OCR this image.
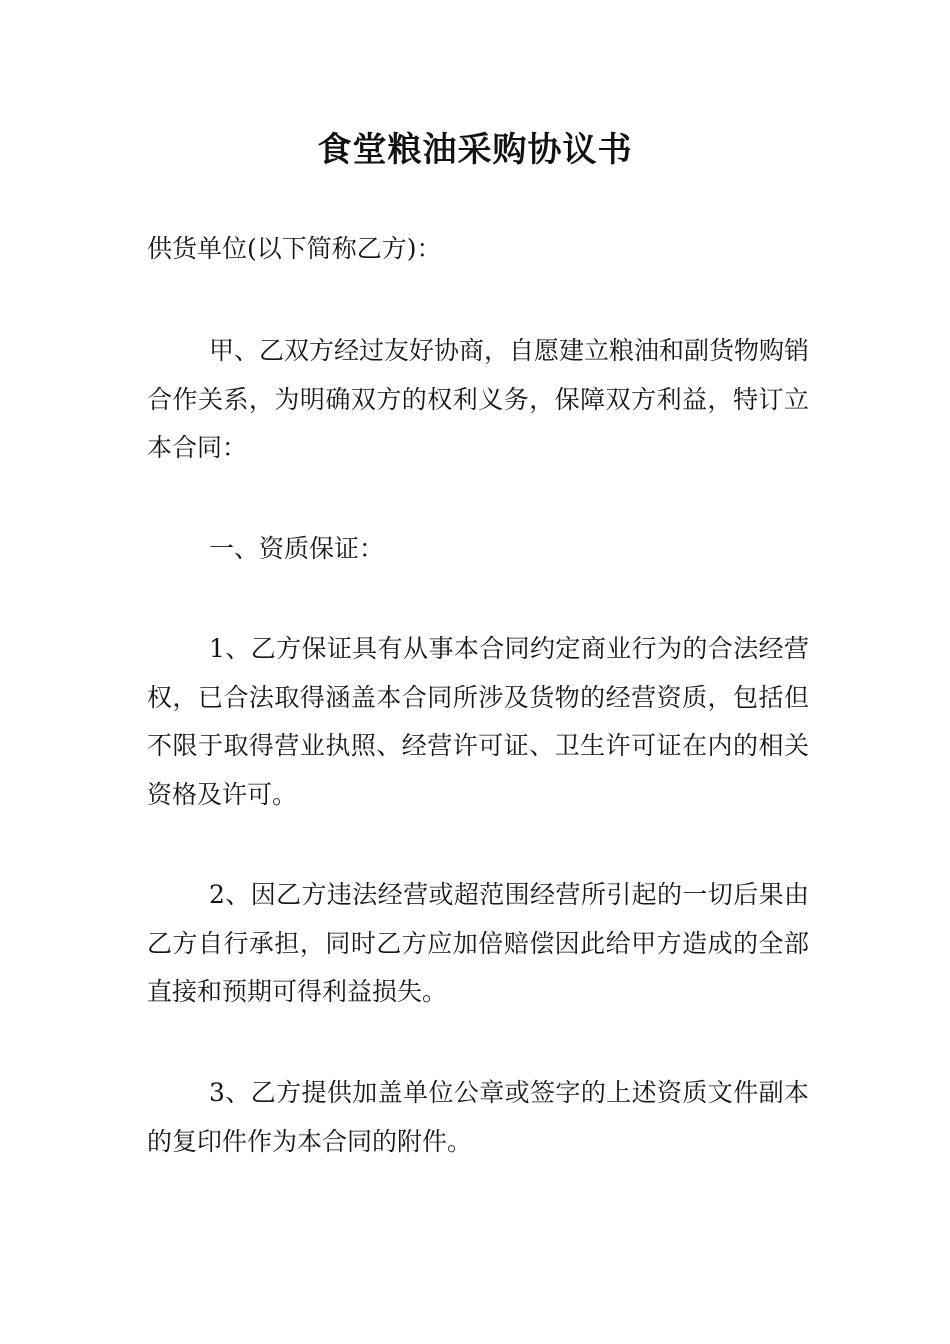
食堂粮油采购协议书

供货单位(以下简称乙方)：

甲、乙双方经过友好协商，自愿建立粮油和副货物购销合作关系，为明确双方的权利义务，保障双方利益，特订立本合同：

一、资质保证：

1、乙方保证具有从事本合同约定商业行为的合法经营权，已合法取得涵盖本合同所涉及货物的经营资质，包括但不限于取得营业执照、经营许可证、卫生许可证在内的相关资格及许可。

2、因乙方违法经营或超范围经营所引起的一切后果由乙方自行承担，同时乙方应加倍赔偿因此给甲方造成的全部直接和预期可得利益损失。

3、乙方提供加盖单位公章或签字的上述资质文件副本的复印件作为本合同的附件。
